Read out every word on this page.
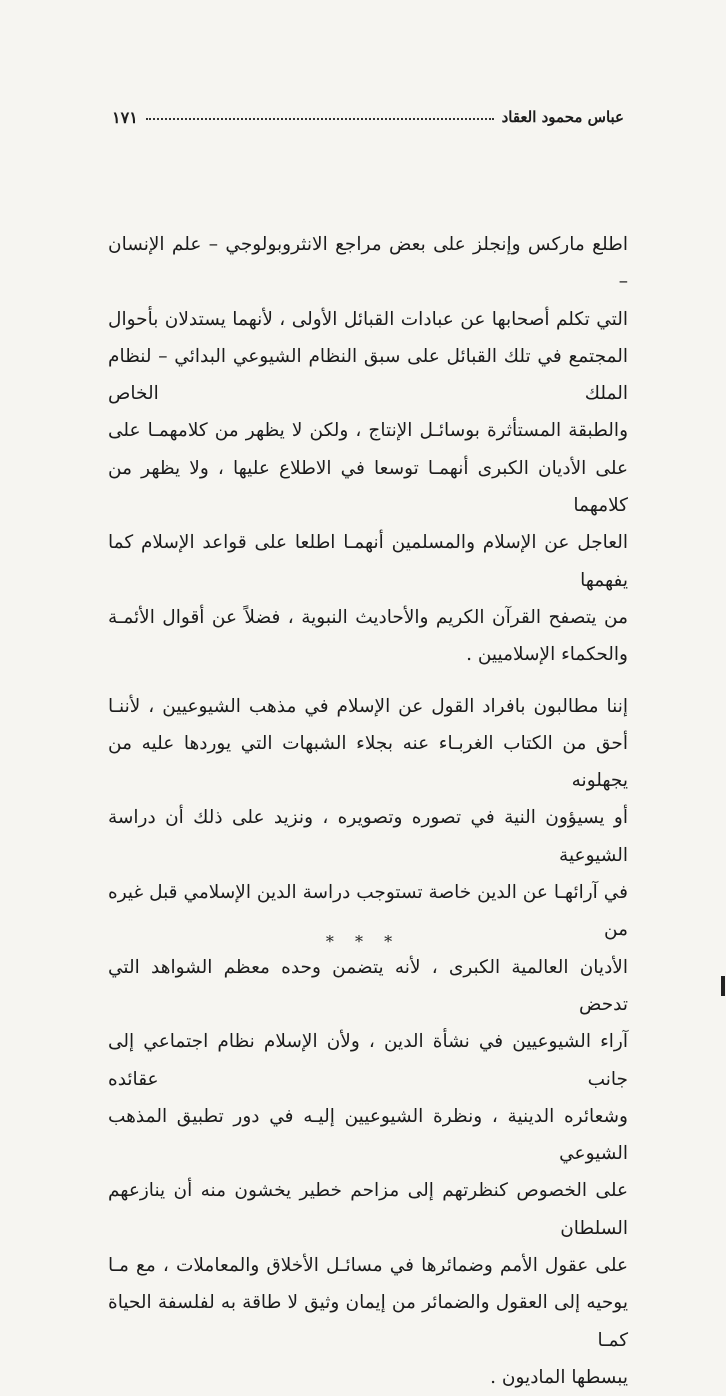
عباس محمود العقاد
١٧١

اطلع ماركس وإنجلز على بعض مراجع الانثروبولوجي – علم الإنسان –
التي تكلم أصحابها عن عبادات القبائل الأولى ، لأنهما يستدلان بأحوال
المجتمع في تلك القبائل على سبق النظام الشيوعي البدائي – لنظام الملك الخاص
والطبقة المستأثرة بوسائـل الإنتاج ، ولكن لا يظهر من كلامهمـا على
على الأديان الكبرى أنهمـا توسعا في الاطلاع عليها ، ولا يظهر من كلامهما
العاجل عن الإسلام والمسلمين أنهمـا اطلعا على قواعد الإسلام كما يفهمها
من يتصفح القرآن الكريم والأحاديث النبوية ، فضلاً عن أقوال الأئمـة
والحكماء الإسلاميين .

إننا مطالبون بافراد القول عن الإسلام في مذهب الشيوعيين ، لأننـا
أحق من الكتاب الغربـاء عنه بجلاء الشبهات التي يوردها عليه من يجهلونه
أو يسيؤون النية في تصوره وتصويره ، ونزيد على ذلك أن دراسة الشيوعية
في آرائهـا عن الدين خاصة تستوجب دراسة الدين الإسلامي قبل غيره من
الأديان العالمية الكبرى ، لأنه يتضمن وحده معظم الشواهد التي تدحض
آراء الشيوعيين في نشأة الدين ، ولأن الإسلام نظام اجتماعي إلى جانب عقائده
وشعائره الدينية ، ونظرة الشيوعيين إليـه في دور تطبيق المذهب الشيوعي
على الخصوص كنظرتهم إلى مزاحم خطير يخشون منه أن ينازعهم السلطان
على عقول الأمم وضمائرها في مسائـل الأخلاق والمعاملات ، مع مـا
يوحيه إلى العقول والضمائر من إيمان وثيق لا طاقة به لفلسفة الحياة كمـا
يبسطها الماديون .

* * *
